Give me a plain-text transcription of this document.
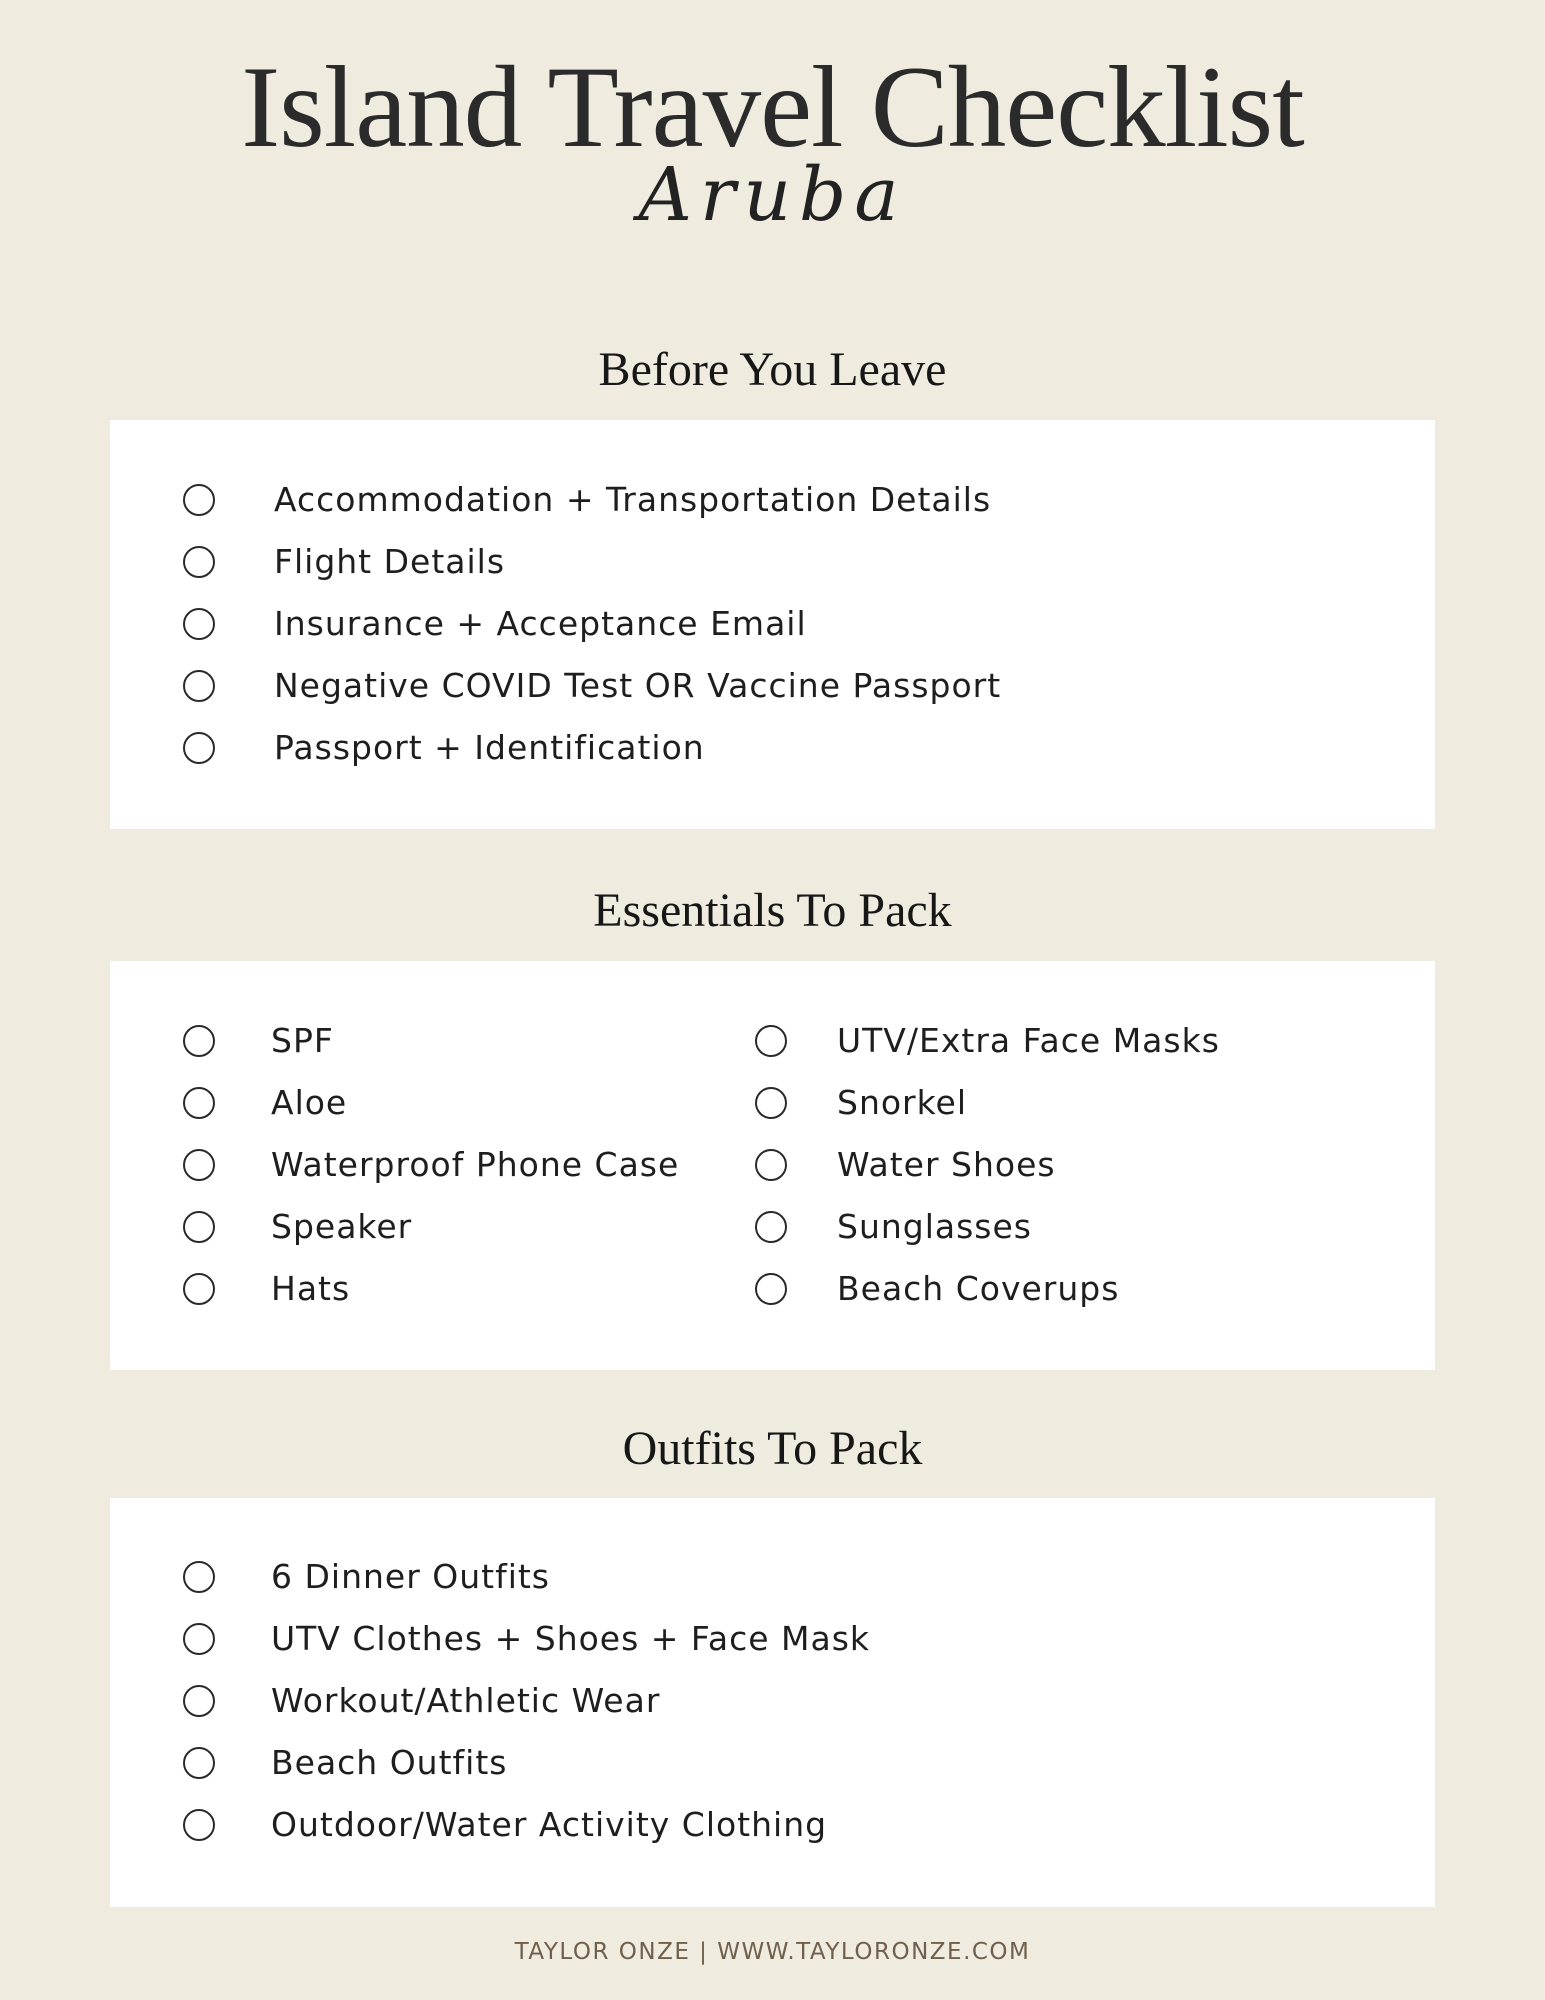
Island Travel Checklist
Aruba
Before You Leave
Accommodation + Transportation Details
Flight Details
Insurance + Acceptance Email
Negative COVID Test OR Vaccine Passport
Passport + Identification
Essentials To Pack
SPF
Aloe
Waterproof Phone Case
Speaker
Hats
UTV/Extra Face Masks
Snorkel
Water Shoes
Sunglasses
Beach Coverups
Outfits To Pack
6 Dinner Outfits
UTV Clothes + Shoes + Face Mask
Workout/Athletic Wear
Beach Outfits
Outdoor/Water Activity Clothing
TAYLOR ONZE | WWW.TAYLORONZE.COM
